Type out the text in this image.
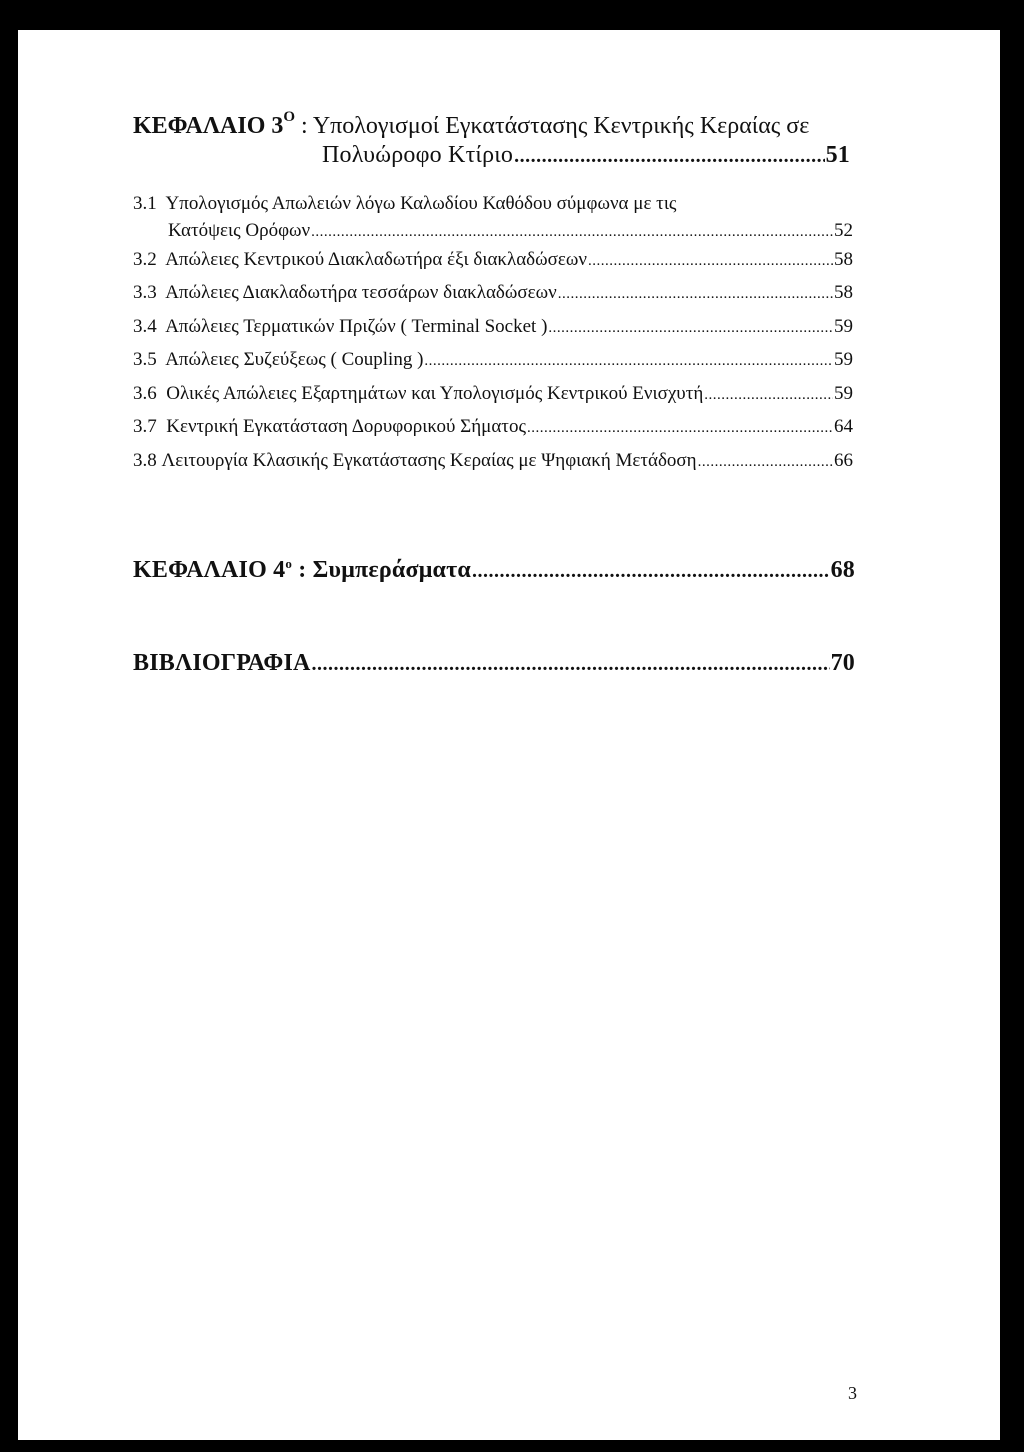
ΚΕΦΑΛΑΙΟ $3^O$ : Υπολογισμοί Εγκατάστασης Κεντρικής Κεραίας σε
Πολυώροφο Κτίριο .....	51
3.1 Υπολογισμός Απωλειών λόγω Καλωδίου Καθόδου σύμφωνα με τις
Κατόψεις Ορόφων .....	52
3.2 Απώλειες Κεντρικού Διακλαδωτήρα έξι διακλαδώσεων .....	58
3.3 Απώλειες Διακλαδωτήρα τεσσάρων διακλαδώσεων .....	58
3.4 Απώλειες Τερματικών Πριζών ( Terminal Socket ) .....	59
3.5 Απώλειες Συζεύξεως ( Coupling ) .....	59
3.6 Ολικές Απώλειες Εξαρτημάτων και Υπολογισμός Κεντρικού Ενισχυτή .....	59
3.7 Κεντρική Εγκατάσταση Δορυφορικού Σήματος .....	64
3.8 Λειτουργία Κλασικής Εγκατάστασης Κεραίας με Ψηφιακή Μετάδοση .....	66
ΚΕΦΑΛΑΙΟ $4^o$ : Συμπεράσματα .....	68
ΒΙΒΛΙΟΓΡΑΦΙΑ .....	70
3
